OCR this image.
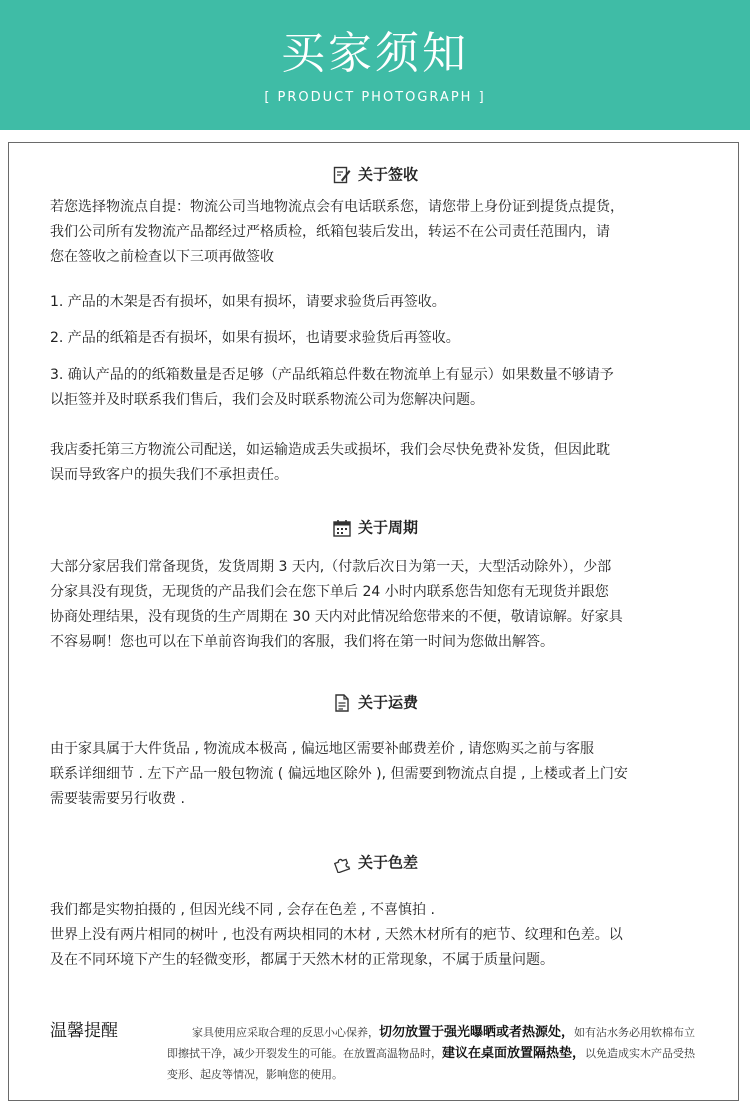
买家须知
[ PRODUCT PHOTOGRAPH ]
关于签收
若您选择物流点自提：物流公司当地物流点会有电话联系您，请您带上身份证到提货点提货，
我们公司所有发物流产品都经过严格质检，纸箱包装后发出，转运不在公司责任范围内，请
您在签收之前检查以下三项再做签收
1. 产品的木架是否有损坏，如果有损坏，请要求验货后再签收。
2. 产品的纸箱是否有损坏，如果有损坏，也请要求验货后再签收。
3. 确认产品的的纸箱数量是否足够（产品纸箱总件数在物流单上有显示）如果数量不够请予
以拒签并及时联系我们售后，我们会及时联系物流公司为您解决问题。
我店委托第三方物流公司配送，如运输造成丢失或损坏，我们会尽快免费补发货，但因此耽
误而导致客户的损失我们不承担责任。
关于周期
大部分家居我们常备现货，发货周期 3 天内,（付款后次日为第一天，大型活动除外），少部
分家具没有现货，无现货的产品我们会在您下单后 24 小时内联系您告知您有无现货并跟您
协商处理结果，没有现货的生产周期在 30 天内对此情况给您带来的不便，敬请谅解。好家具
不容易啊！您也可以在下单前咨询我们的客服，我们将在第一时间为您做出解答。
关于运费
由于家具属于大件货品 , 物流成本极高 , 偏远地区需要补邮费差价 , 请您购买之前与客服
联系详细细节 . 左下产品一般包物流 ( 偏远地区除外 ), 但需要到物流点自提 , 上楼或者上门安
需要装需要另行收费 .
关于色差
我们都是实物拍摄的 , 但因光线不同 , 会存在色差 , 不喜慎拍 .
世界上没有两片相同的树叶 , 也没有两块相同的木材 , 天然木材所有的疤节、纹理和色差。以
及在不同环境下产生的轻微变形，都属于天然木材的正常现象，不属于质量问题。
温馨提醒	家具使用应采取合理的反思小心保养，切勿放置于强光曝晒或者热源处，如有沾水务必用软棉布立即擦拭干净，减少开裂发生的可能。在放置高温物品时，建议在桌面放置隔热垫，以免造成实木产品受热变形、起皮等情况，影响您的使用。
